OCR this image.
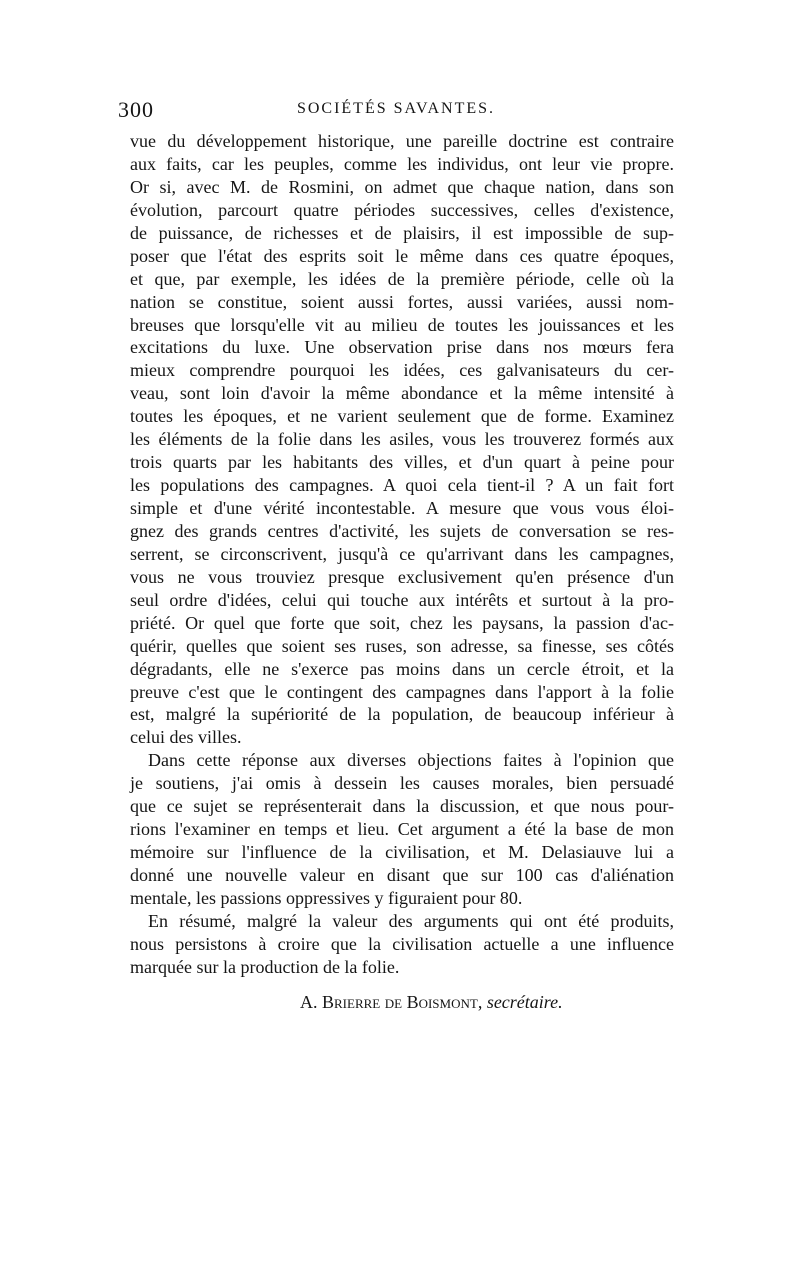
300	SOCIÉTÉS SAVANTES.
vue du développement historique, une pareille doctrine est contraire
aux faits, car les peuples, comme les individus, ont leur vie propre.
Or si, avec M. de Rosmini, on admet que chaque nation, dans son
évolution, parcourt quatre périodes successives, celles d'existence,
de puissance, de richesses et de plaisirs, il est impossible de sup-
poser que l'état des esprits soit le même dans ces quatre époques,
et que, par exemple, les idées de la première période, celle où la
nation se constitue, soient aussi fortes, aussi variées, aussi nom-
breuses que lorsqu'elle vit au milieu de toutes les jouissances et les
excitations du luxe. Une observation prise dans nos mœurs fera
mieux comprendre pourquoi les idées, ces galvanisateurs du cer-
veau, sont loin d'avoir la même abondance et la même intensité à
toutes les époques, et ne varient seulement que de forme. Examinez
les éléments de la folie dans les asiles, vous les trouverez formés aux
trois quarts par les habitants des villes, et d'un quart à peine pour
les populations des campagnes. A quoi cela tient-il ? A un fait fort
simple et d'une vérité incontestable. A mesure que vous vous éloi-
gnez des grands centres d'activité, les sujets de conversation se res-
serrent, se circonscrivent, jusqu'à ce qu'arrivant dans les campagnes,
vous ne vous trouviez presque exclusivement qu'en présence d'un
seul ordre d'idées, celui qui touche aux intérêts et surtout à la pro-
priété. Or quel que forte que soit, chez les paysans, la passion d'ac-
quérir, quelles que soient ses ruses, son adresse, sa finesse, ses côtés
dégradants, elle ne s'exerce pas moins dans un cercle étroit, et la
preuve c'est que le contingent des campagnes dans l'apport à la folie
est, malgré la supériorité de la population, de beaucoup inférieur à
celui des villes.
Dans cette réponse aux diverses objections faites à l'opinion que
je soutiens, j'ai omis à dessein les causes morales, bien persuadé
que ce sujet se représenterait dans la discussion, et que nous pour-
rions l'examiner en temps et lieu. Cet argument a été la base de mon
mémoire sur l'influence de la civilisation, et M. Delasiauve lui a
donné une nouvelle valeur en disant que sur 100 cas d'aliénation
mentale, les passions oppressives y figuraient pour 80.
En résumé, malgré la valeur des arguments qui ont été produits,
nous persistons à croire que la civilisation actuelle a une influence
marquée sur la production de la folie.
A. Brierre de Boismont, secrétaire.
